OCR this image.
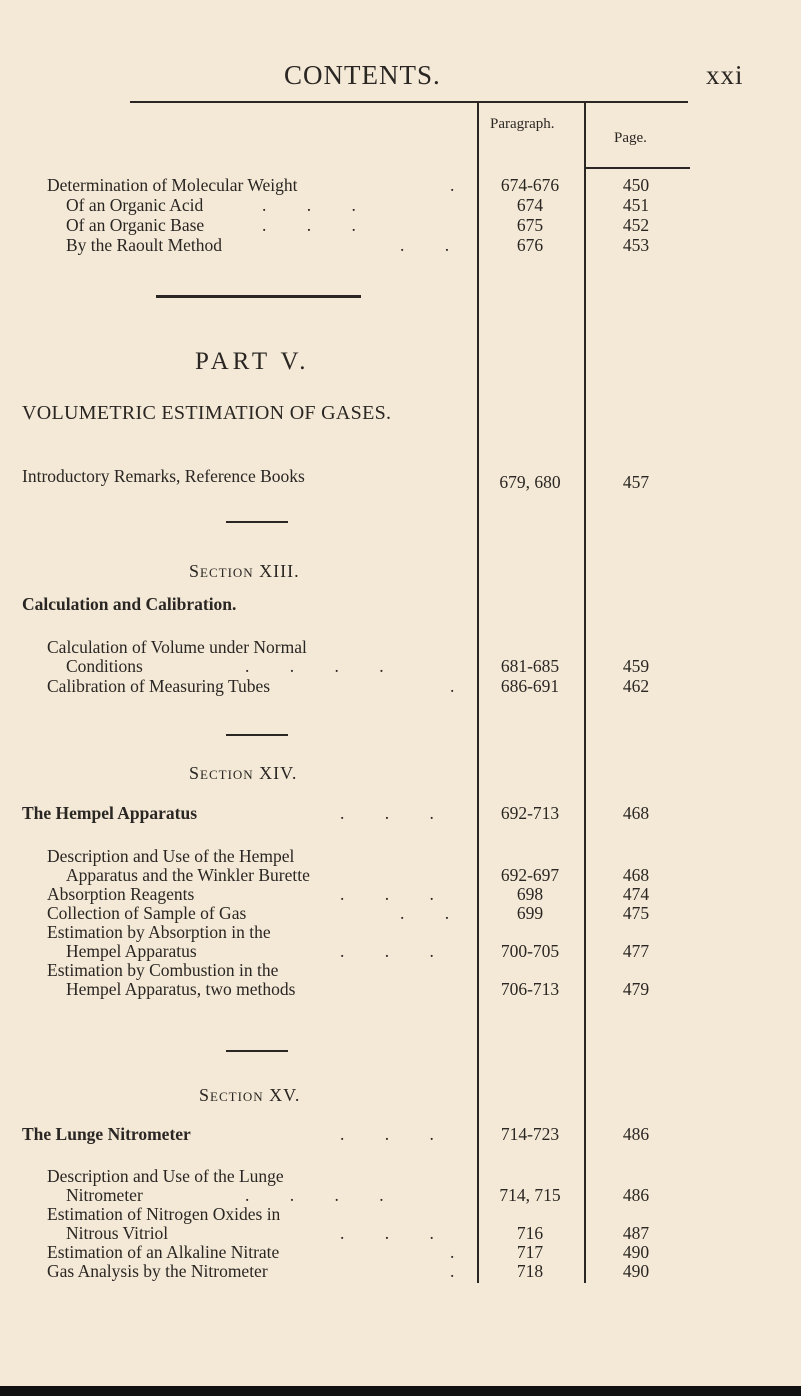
CONTENTS.	xxi
Paragraph.
Page.
Determination of Molecular Weight	.	674-676	450
Of an Organic Acid	. . .	674	451
Of an Organic Base	. . .	675	452
By the Raoult Method	. .	676	453
PART V.
VOLUMETRIC ESTIMATION OF GASES.
Introductory Remarks, Reference Books	679, 680	457
Section XIII.
Calculation and Calibration.
Calculation of Volume under Normal
Conditions	. . . .	681-685	459
Calibration of Measuring Tubes	.	686-691	462
Section XIV.
The Hempel Apparatus	. . .	692-713	468
Description and Use of the Hempel
Apparatus and the Winkler Burette	692-697	468
Absorption Reagents	. . .	698	474
Collection of Sample of Gas	. .	699	475
Estimation by Absorption in the
Hempel Apparatus	. . .	700-705	477
Estimation by Combustion in the
Hempel Apparatus, two methods	706-713	479
Section XV.
The Lunge Nitrometer	. . .	714-723	486
Description and Use of the Lunge
Nitrometer	. . . .	714, 715	486
Estimation of Nitrogen Oxides in
Nitrous Vitriol	. . .	716	487
Estimation of an Alkaline Nitrate	.	717	490
Gas Analysis by the Nitrometer	.	718	490
